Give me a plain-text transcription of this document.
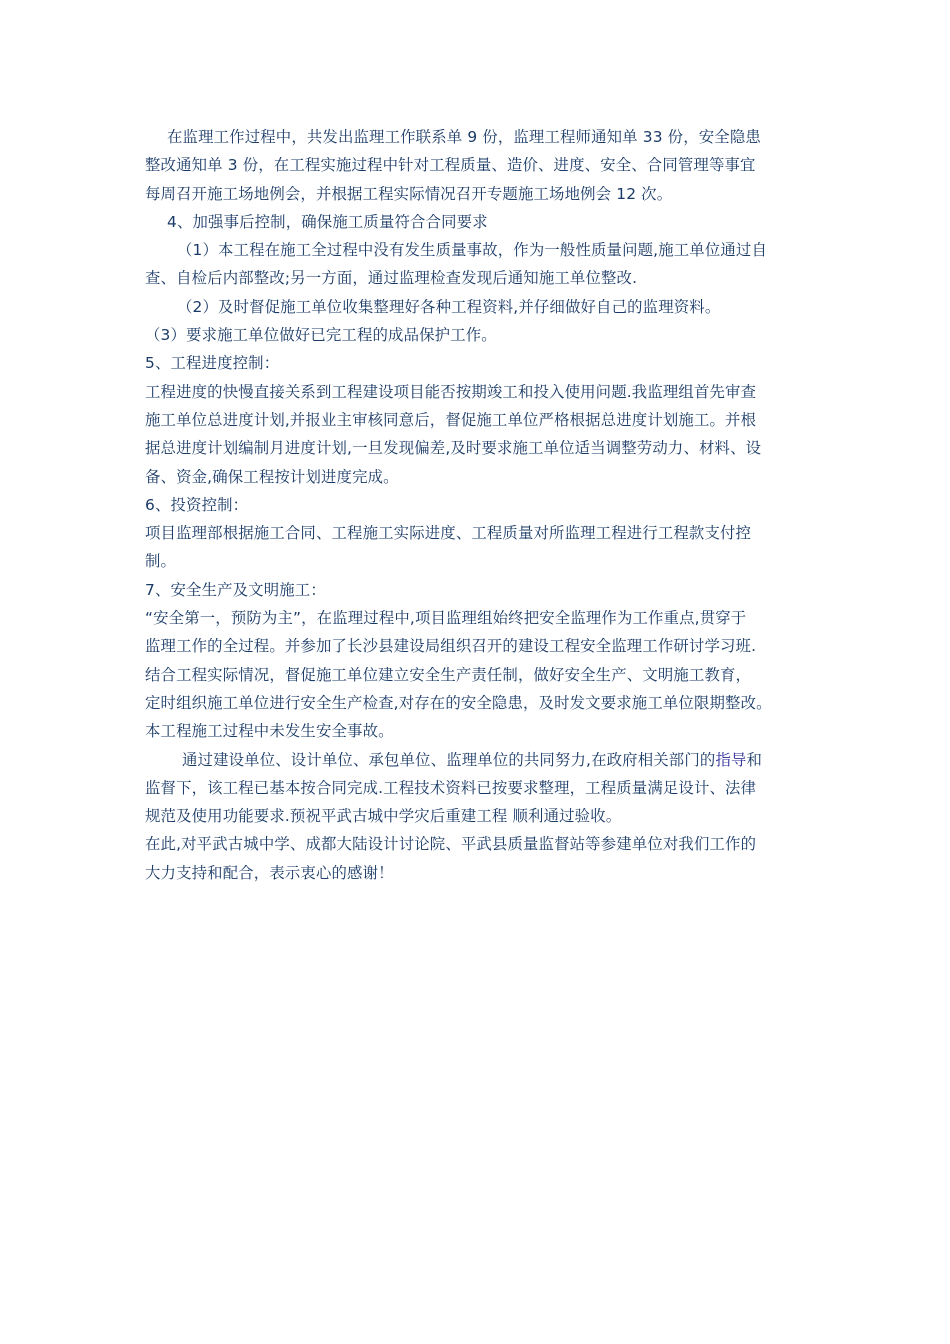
在监理工作过程中，共发出监理工作联系单 9 份，监理工程师通知单 33 份，安全隐患
整改通知单 3 份，在工程实施过程中针对工程质量、造价、进度、安全、合同管理等事宜
每周召开施工场地例会，并根据工程实际情况召开专题施工场地例会 12 次。
4、加强事后控制，确保施工质量符合合同要求
（1）本工程在施工全过程中没有发生质量事故，作为一般性质量问题,施工单位通过自
查、自检后内部整改;另一方面，通过监理检查发现后通知施工单位整改.
（2）及时督促施工单位收集整理好各种工程资料,并仔细做好自己的监理资料。
（3）要求施工单位做好已完工程的成品保护工作。
5、工程进度控制：
工程进度的快慢直接关系到工程建设项目能否按期竣工和投入使用问题.我监理组首先审查
施工单位总进度计划,并报业主审核同意后，督促施工单位严格根据总进度计划施工。并根
据总进度计划编制月进度计划,一旦发现偏差,及时要求施工单位适当调整劳动力、材料、设
备、资金,确保工程按计划进度完成。
6、投资控制：
项目监理部根据施工合同、工程施工实际进度、工程质量对所监理工程进行工程款支付控
制。
7、安全生产及文明施工：
“安全第一，预防为主”，在监理过程中,项目监理组始终把安全监理作为工作重点,贯穿于
监理工作的全过程。并参加了长沙县建设局组织召开的建设工程安全监理工作研讨学习班.
结合工程实际情况，督促施工单位建立安全生产责任制，做好安全生产、文明施工教育，
定时组织施工单位进行安全生产检查,对存在的安全隐患，及时发文要求施工单位限期整改。
本工程施工过程中未发生安全事故。
通过建设单位、设计单位、承包单位、监理单位的共同努力,在政府相关部门的指导和
监督下，该工程已基本按合同完成.工程技术资料已按要求整理，工程质量满足设计、法律
规范及使用功能要求.预祝平武古城中学灾后重建工程 顺利通过验收。
在此,对平武古城中学、成都大陆设计讨论院、平武县质量监督站等参建单位对我们工作的
大力支持和配合，表示衷心的感谢！
